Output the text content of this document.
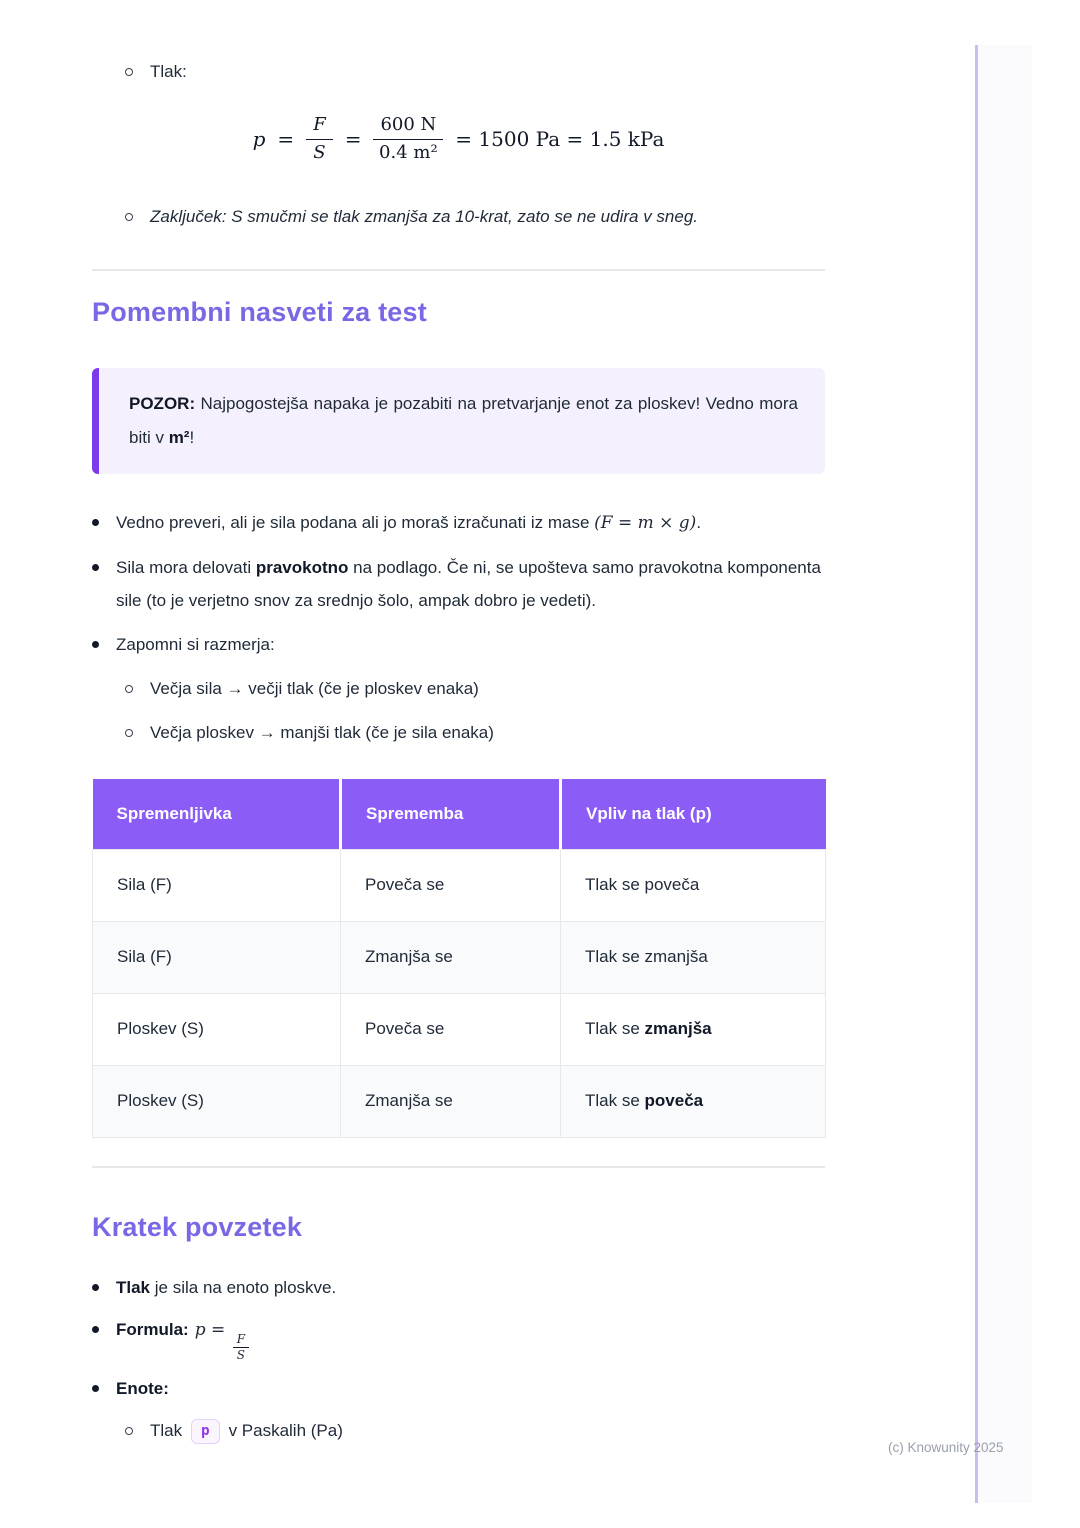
Tlak:
$p = \frac{F}{S} = \frac{600 N}{\text{0.4 m²}} = 1500$ Pa = 1.5 kPa
Zaključek: S smučmi se tlak zmanjša za 10-krat, zato se ne udira v sneg.
Pomembni nasveti za test

POZOR: Najpogostejša napaka je pozabiti na pretvarjanje enot za ploskev! Vedno mora biti v m²!

Vedno preveri, ali je sila podana ali jo moraš izračunati iz mase (F = m × g).
Sila mora delovati pravokotno na podlago. Če ni, se upošteva samo pravokotna komponenta sile (to je verjetno snov za srednjo šolo, ampak dobro je vedeti).
Zapomni si razmerja:
Večja sila → večji tlak (če je ploskev enaka)
Večja ploskev → manjši tlak (če je sila enaka)
Spremenljivka	Sprememba	Vpliv na tlak (p)
Sila (F)	Poveča se	Tlak se poveča
Sila (F)	Zmanjša se	Tlak se zmanjša
Ploskev (S)	Poveča se	Tlak se zmanjša
Ploskev (S)	Zmanjša se	Tlak se poveča
Kratek povzetek
Tlak je sila na enoto ploskve.
Formula: p =
$\frac{F}{S}$
Enote:
Tlak p v Paskalih (Pa)
(c) Knowunity 2025
